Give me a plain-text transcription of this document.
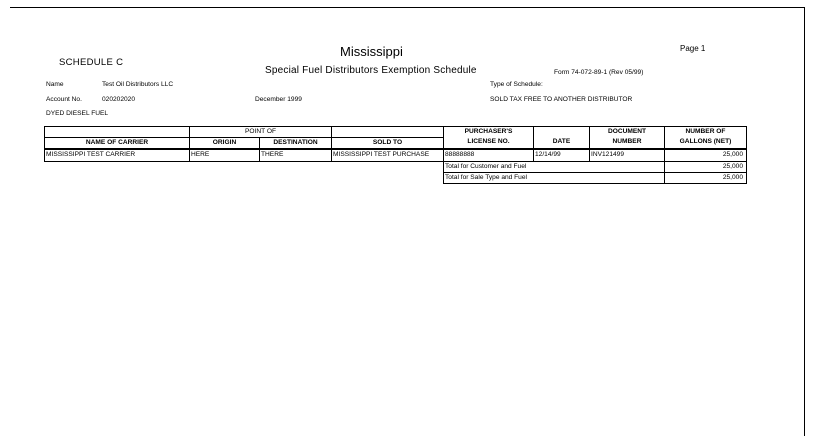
SCHEDULE C
Mississippi
Special Fuel Distributors Exemption Schedule
Page 1
Form 74-072-89-1 (Rev 05/99)
Name	Test Oil Distributors LLC
Account No.	020202020	December 1999
Type of Schedule:
SOLD TAX FREE TO ANOTHER DISTRIBUTOR
DYED DIESEL FUEL
	POINT OF			PURCHASER'S		DOCUMENT	NUMBER OF
NAME OF CARRIER	ORIGIN	DESTINATION	SOLD TO	LICENSE NO.	DATE	NUMBER	GALLONS (NET)
MISSISSIPPI TEST CARRIER	HERE	THERE	MISSISSIPPI TEST PURCHASE	88888888	12/14/99	INV121499	25,000
				Total for Customer and Fuel			25,000
				Total for Sale Type and Fuel			25,000
